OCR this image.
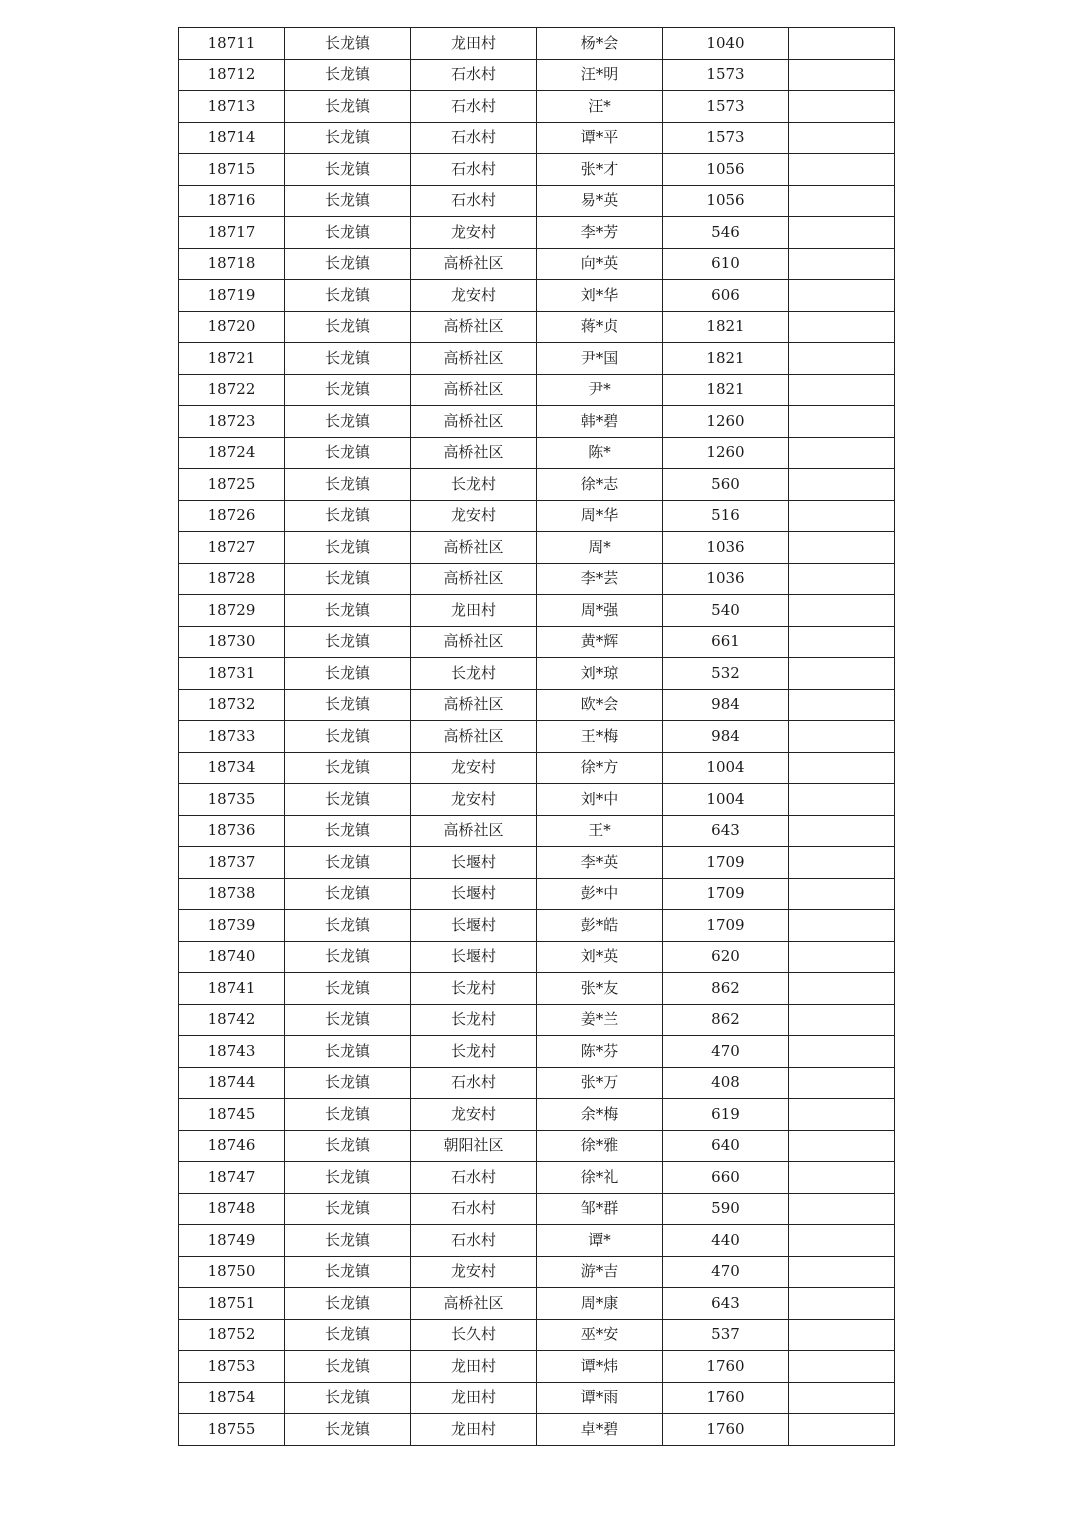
18711	长龙镇	龙田村	杨*会	1040	
18712	长龙镇	石水村	汪*明	1573	
18713	长龙镇	石水村	汪*	1573	
18714	长龙镇	石水村	谭*平	1573	
18715	长龙镇	石水村	张*才	1056	
18716	长龙镇	石水村	易*英	1056	
18717	长龙镇	龙安村	李*芳	546	
18718	长龙镇	高桥社区	向*英	610	
18719	长龙镇	龙安村	刘*华	606	
18720	长龙镇	高桥社区	蒋*贞	1821	
18721	长龙镇	高桥社区	尹*国	1821	
18722	长龙镇	高桥社区	尹*	1821	
18723	长龙镇	高桥社区	韩*碧	1260	
18724	长龙镇	高桥社区	陈*	1260	
18725	长龙镇	长龙村	徐*志	560	
18726	长龙镇	龙安村	周*华	516	
18727	长龙镇	高桥社区	周*	1036	
18728	长龙镇	高桥社区	李*芸	1036	
18729	长龙镇	龙田村	周*强	540	
18730	长龙镇	高桥社区	黄*辉	661	
18731	长龙镇	长龙村	刘*琼	532	
18732	长龙镇	高桥社区	欧*会	984	
18733	长龙镇	高桥社区	王*梅	984	
18734	长龙镇	龙安村	徐*方	1004	
18735	长龙镇	龙安村	刘*中	1004	
18736	长龙镇	高桥社区	王*	643	
18737	长龙镇	长堰村	李*英	1709	
18738	长龙镇	长堰村	彭*中	1709	
18739	长龙镇	长堰村	彭*皓	1709	
18740	长龙镇	长堰村	刘*英	620	
18741	长龙镇	长龙村	张*友	862	
18742	长龙镇	长龙村	姜*兰	862	
18743	长龙镇	长龙村	陈*芬	470	
18744	长龙镇	石水村	张*万	408	
18745	长龙镇	龙安村	余*梅	619	
18746	长龙镇	朝阳社区	徐*雅	640	
18747	长龙镇	石水村	徐*礼	660	
18748	长龙镇	石水村	邹*群	590	
18749	长龙镇	石水村	谭*	440	
18750	长龙镇	龙安村	游*吉	470	
18751	长龙镇	高桥社区	周*康	643	
18752	长龙镇	长久村	巫*安	537	
18753	长龙镇	龙田村	谭*炜	1760	
18754	长龙镇	龙田村	谭*雨	1760	
18755	长龙镇	龙田村	卓*碧	1760	
